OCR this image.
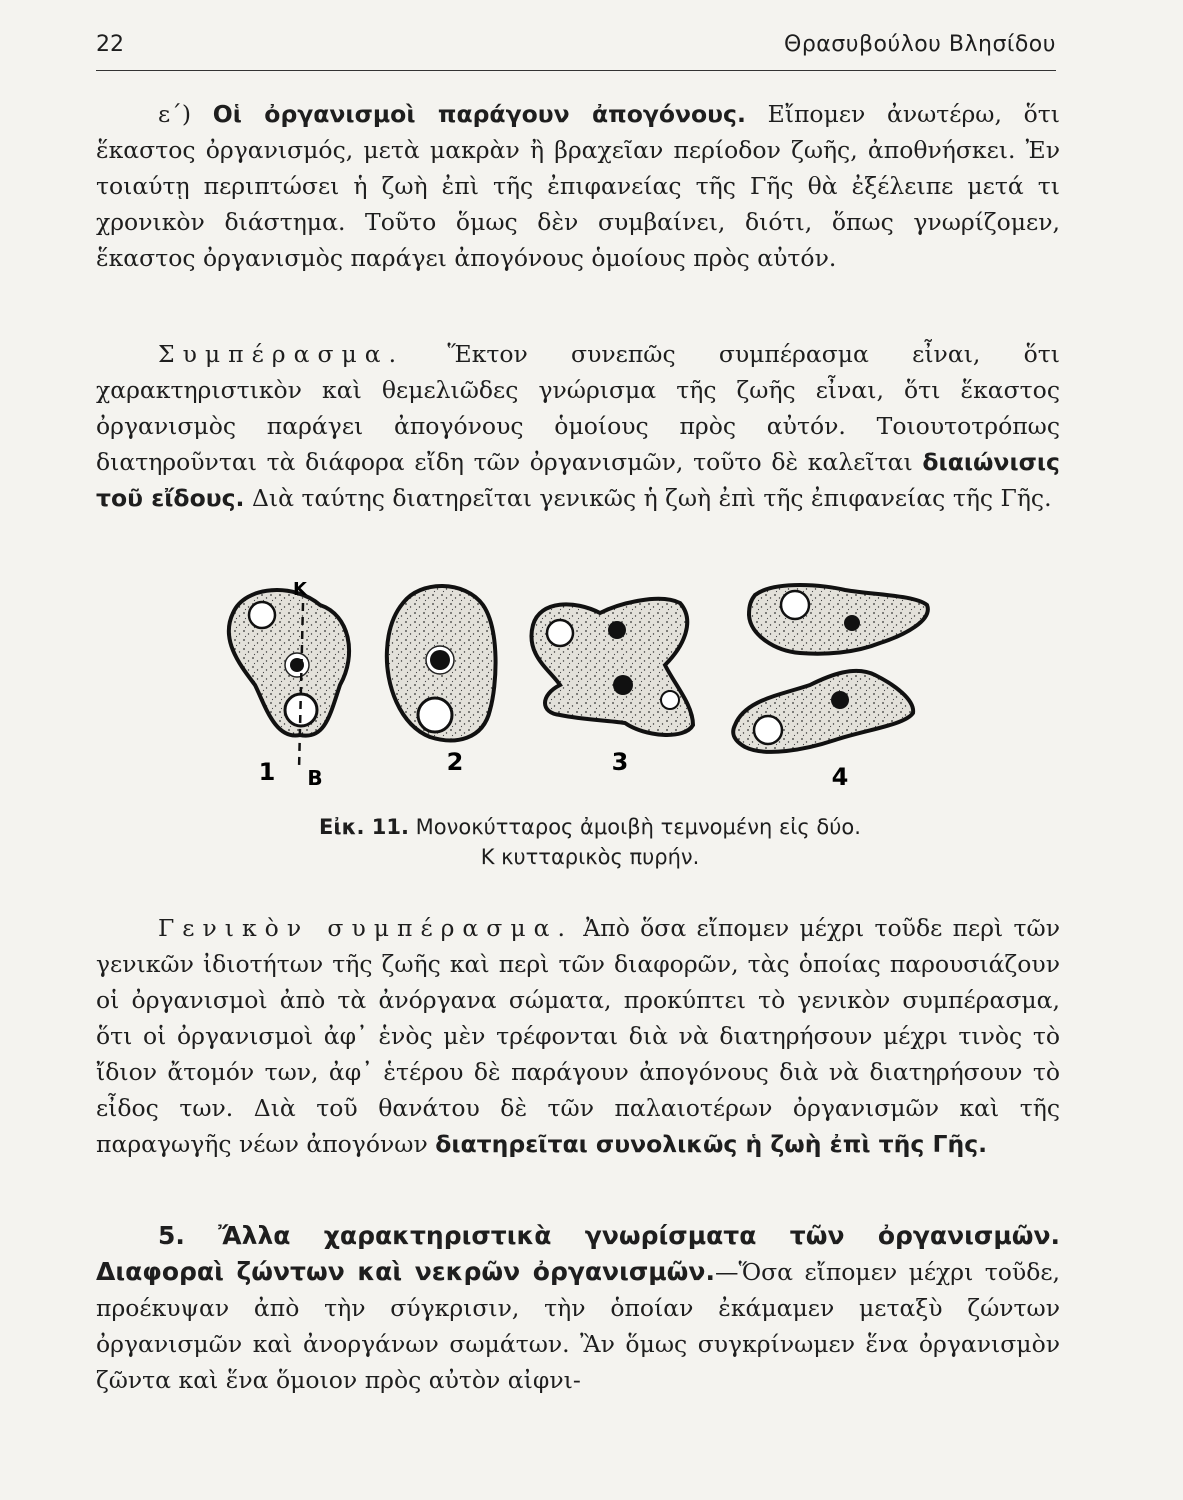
22	Θρασυβούλου Βλησίδου

ε΄) Οἱ ὀργανισμοὶ παράγουν ἀπογόνους. Εἴπομεν ἀνωτέρω, ὅτι ἕκαστος ὀργανισμός, μετὰ μακρὰν ἢ βραχεῖαν περίοδον ζωῆς, ἀποθνήσκει. Ἐν τοιαύτῃ περιπτώσει ἡ ζωὴ ἐπὶ τῆς ἐπιφανείας τῆς Γῆς θὰ ἐξέλειπε μετά τι χρονικὸν διάστημα. Τοῦτο ὅμως δὲν συμβαίνει, διότι, ὅπως γνωρίζομεν, ἕκαστος ὀργανισμὸς παράγει ἀπογόνους ὁμοίους πρὸς αὐτόν.

Συμπέρασμα. Ἕκτον συνεπῶς συμπέρασμα εἶναι, ὅτι χαρακτηριστικὸν καὶ θεμελιῶδες γνώρισμα τῆς ζωῆς εἶναι, ὅτι ἕκαστος ὀργανισμὸς παράγει ἀπογόνους ὁμοίους πρὸς αὐτόν. Τοιουτοτρόπως διατηροῦνται τὰ διάφορα εἴδη τῶν ὀργανισμῶν, τοῦτο δὲ καλεῖται διαιώνισις τοῦ εἴδους. Διὰ ταύτης διατηρεῖται γενικῶς ἡ ζωὴ ἐπὶ τῆς ἐπιφανείας τῆς Γῆς.

Κ
1 Β
2	3
4
Εἰκ. 11. Μονοκύτταρος ἀμοιβὴ τεμνομένη εἰς δύο.
Κ κυτταρικὸς πυρήν.

Γενικὸν συμπέρασμα. Ἀπὸ ὅσα εἴπομεν μέχρι τοῦδε περὶ τῶν γενικῶν ἰδιοτήτων τῆς ζωῆς καὶ περὶ τῶν διαφορῶν, τὰς ὁποίας παρουσιάζουν οἱ ὀργανισμοὶ ἀπὸ τὰ ἀνόργανα σώματα, προκύπτει τὸ γενικὸν συμπέρασμα, ὅτι οἱ ὀργανισμοὶ ἀφ᾽ ἑνὸς μὲν τρέφονται διὰ νὰ διατηρήσουν μέχρι τινὸς τὸ ἴδιον ἄτομόν των, ἀφ᾽ ἑτέρου δὲ παράγουν ἀπογόνους διὰ νὰ διατηρήσουν τὸ εἶδος των. Διὰ τοῦ θανάτου δὲ τῶν παλαιοτέρων ὀργανισμῶν καὶ τῆς παραγωγῆς νέων ἀπογόνων διατηρεῖται συνολικῶς ἡ ζωὴ ἐπὶ τῆς Γῆς.

5. Ἄλλα χαρακτηριστικὰ γνωρίσματα τῶν ὀργανισμῶν. Διαφοραὶ ζώντων καὶ νεκρῶν ὀργανισμῶν.—Ὅσα εἴπομεν μέχρι τοῦδε, προέκυψαν ἀπὸ τὴν σύγκρισιν, τὴν ὁποίαν ἐκάμαμεν μεταξὺ ζώντων ὀργανισμῶν καὶ ἀνοργάνων σωμάτων. Ἂν ὅμως συγκρίνωμεν ἕνα ὀργανισμὸν ζῶντα καὶ ἕνα ὅμοιον πρὸς αὐτὸν αἰφνι-
